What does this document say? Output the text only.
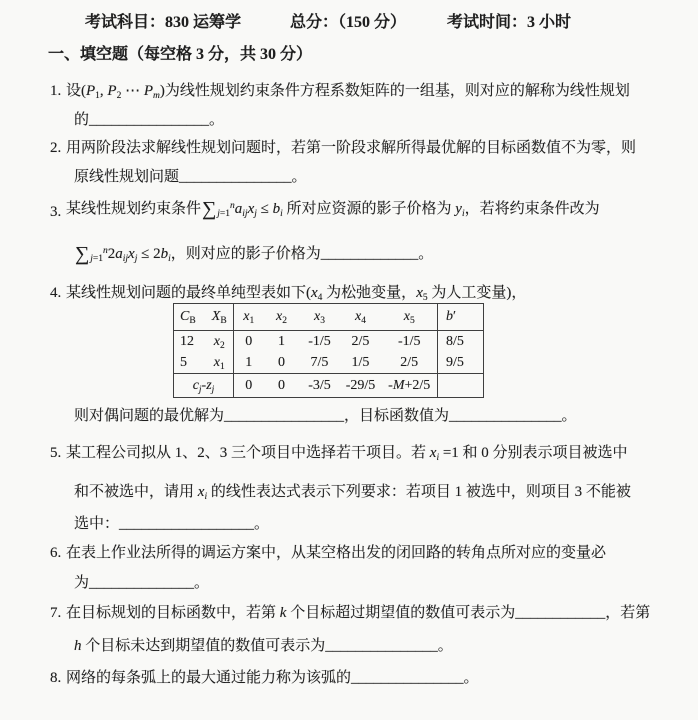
考试科目：830 运筹学	总分：（150 分）	考试时间：3 小时
一、填空题（每空格 3 分，共 30 分）
1. 设($P_1$, $P_2$ ⋯ $P_m$)为线性规划约束条件方程系数矩阵的一组基，则对应的解称为线性规划
的________________。
2. 用两阶段法求解线性规划问题时，若第一阶段求解所得最优解的目标函数值不为零，则
原线性规划问题_______________。
3. 某线性规划约束条件$\sum_{j=1}^na_{ij}x_j \le b_i$ 所对应资源的影子价格为 $y_i$，若将约束条件改为
$\sum_{j=1}^n2a_{ij}x_j \le 2b_i$，则对应的影子价格为_____________。
4. 某线性规划问题的最终单纯型表如下($x_4$ 为松弛变量，$x_5$ 为人工变量)，
$C_B$	$X_B$	$x_1$	$x_2$	$x_3$	$x_4$	$x_5$	b′
12	$x_2$	0	1	-1/5	2/5	-1/5	8/5
5	$x_1$	1	0	7/5	1/5	2/5	9/5
$c_j-z_j$		0	0	-3/5	-29/5	-M+2/5	
则对偶问题的最优解为________________，目标函数值为_______________。
5. 某工程公司拟从 1、2、3 三个项目中选择若干项目。若 $x_i =1$ 和 0 分别表示项目被选中
和不被选中，请用 $x_i$ 的线性表达式表示下列要求：若项目 1 被选中，则项目 3 不能被
选中：__________________。
6. 在表上作业法所得的调运方案中，从某空格出发的闭回路的转角点所对应的变量必
为______________。
7. 在目标规划的目标函数中，若第 k 个目标超过期望值的数值可表示为____________，若第
h 个目标未达到期望值的数值可表示为_______________。
8. 网络的每条弧上的最大通过能力称为该弧的_______________。
